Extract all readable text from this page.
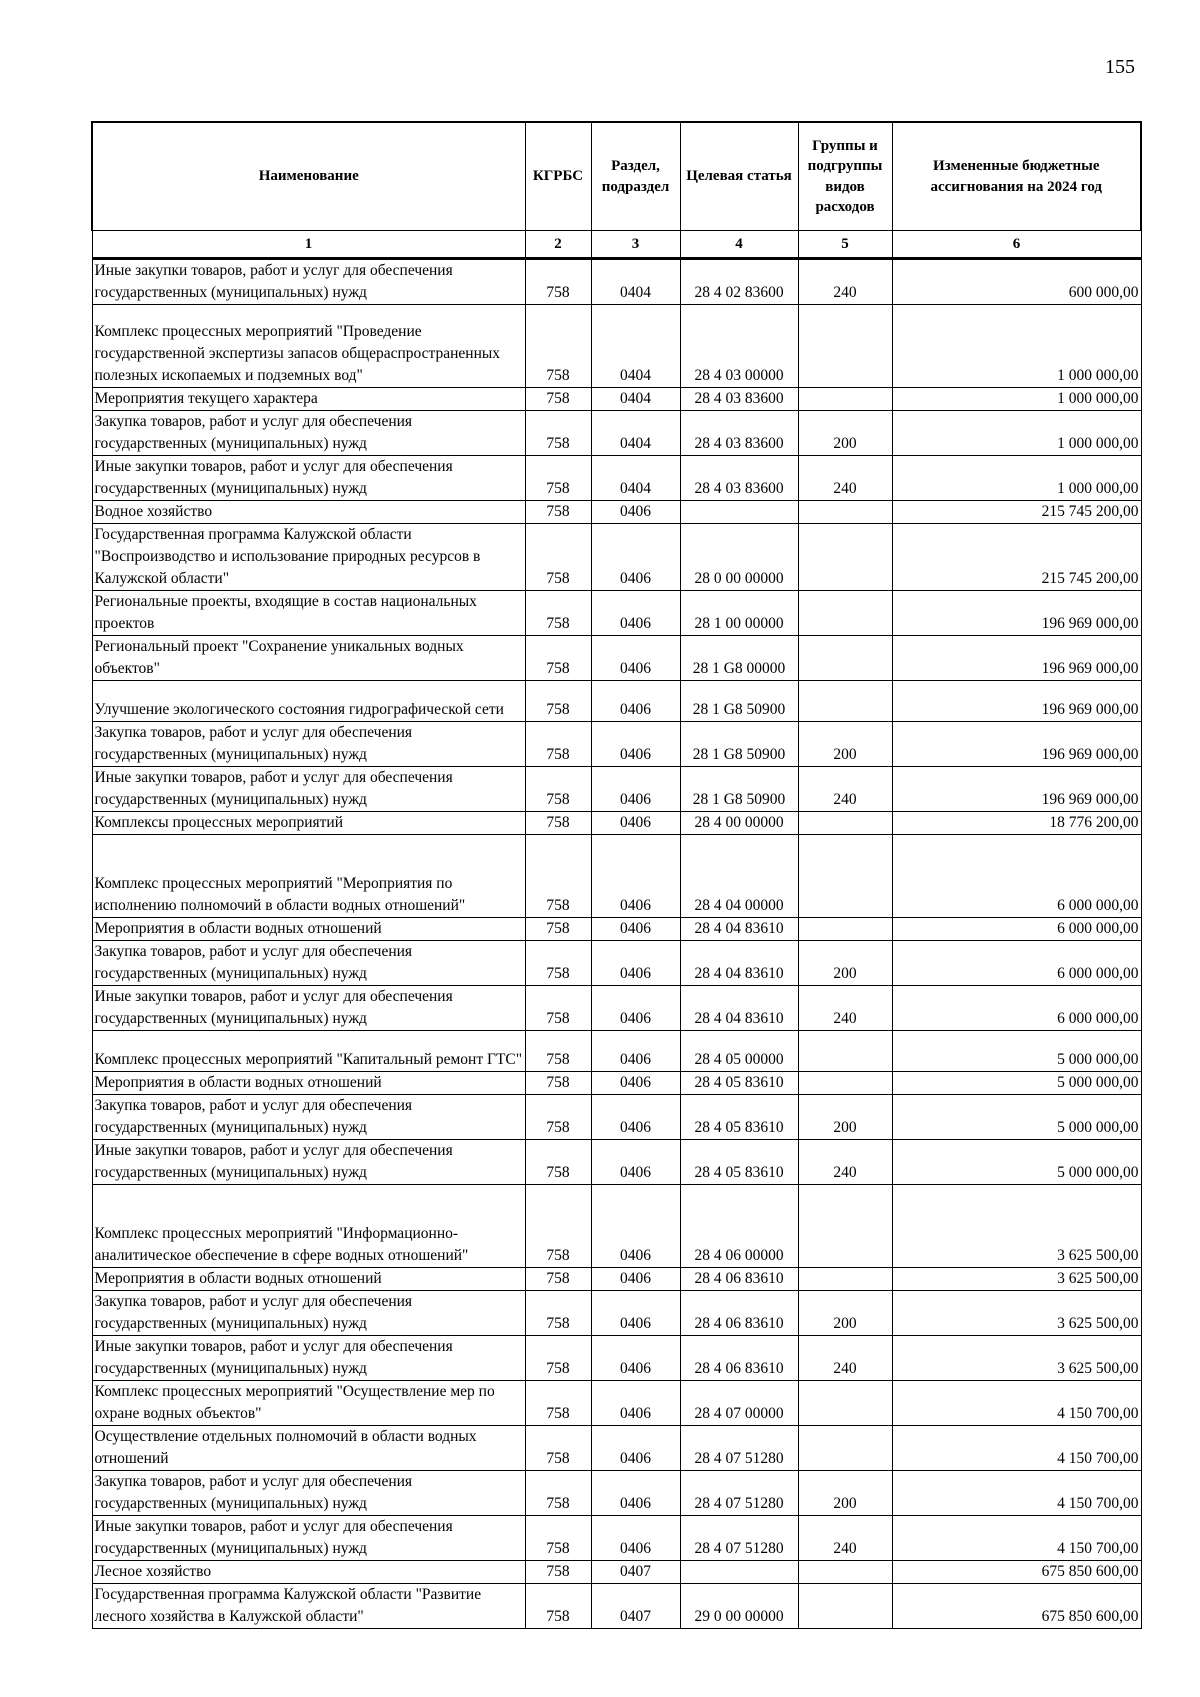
155
Наименование	КГРБС	Раздел, подраздел	Целевая статья	Группы и подгруппы видов расходов	Измененные бюджетные ассигнования на 2024 год
1	2	3	4	5	6
Иные закупки товаров, работ и услуг для обеспечения государственных (муниципальных) нужд	758	0404	28 4 02 83600	240	600 000,00
Комплекс процессных мероприятий "Проведение государственной экспертизы запасов общераспространенных полезных ископаемых и подземных вод"	758	0404	28 4 03 00000		1 000 000,00
Мероприятия текущего характера	758	0404	28 4 03 83600		1 000 000,00
Закупка товаров, работ и услуг для обеспечения государственных (муниципальных) нужд	758	0404	28 4 03 83600	200	1 000 000,00
Иные закупки товаров, работ и услуг для обеспечения государственных (муниципальных) нужд	758	0404	28 4 03 83600	240	1 000 000,00
Водное хозяйство	758	0406			215 745 200,00
Государственная программа Калужской области "Воспроизводство и использование природных ресурсов в Калужской области"	758	0406	28 0 00 00000		215 745 200,00
Региональные проекты, входящие в состав национальных проектов	758	0406	28 1 00 00000		196 969 000,00
Региональный проект "Сохранение уникальных водных объектов"	758	0406	28 1 G8 00000		196 969 000,00
Улучшение экологического состояния гидрографической сети	758	0406	28 1 G8 50900		196 969 000,00
Закупка товаров, работ и услуг для обеспечения государственных (муниципальных) нужд	758	0406	28 1 G8 50900	200	196 969 000,00
Иные закупки товаров, работ и услуг для обеспечения государственных (муниципальных) нужд	758	0406	28 1 G8 50900	240	196 969 000,00
Комплексы процессных мероприятий	758	0406	28 4 00 00000		18 776 200,00
Комплекс процессных мероприятий "Мероприятия по исполнению полномочий в области водных отношений"	758	0406	28 4 04 00000		6 000 000,00
Мероприятия в области водных отношений	758	0406	28 4 04 83610		6 000 000,00
Закупка товаров, работ и услуг для обеспечения государственных (муниципальных) нужд	758	0406	28 4 04 83610	200	6 000 000,00
Иные закупки товаров, работ и услуг для обеспечения государственных (муниципальных) нужд	758	0406	28 4 04 83610	240	6 000 000,00
Комплекс процессных мероприятий "Капитальный ремонт ГТС"	758	0406	28 4 05 00000		5 000 000,00
Мероприятия в области водных отношений	758	0406	28 4 05 83610		5 000 000,00
Закупка товаров, работ и услуг для обеспечения государственных (муниципальных) нужд	758	0406	28 4 05 83610	200	5 000 000,00
Иные закупки товаров, работ и услуг для обеспечения государственных (муниципальных) нужд	758	0406	28 4 05 83610	240	5 000 000,00
Комплекс процессных мероприятий "Информационно-аналитическое обеспечение в сфере водных отношений"	758	0406	28 4 06 00000		3 625 500,00
Мероприятия в области водных отношений	758	0406	28 4 06 83610		3 625 500,00
Закупка товаров, работ и услуг для обеспечения государственных (муниципальных) нужд	758	0406	28 4 06 83610	200	3 625 500,00
Иные закупки товаров, работ и услуг для обеспечения государственных (муниципальных) нужд	758	0406	28 4 06 83610	240	3 625 500,00
Комплекс процессных мероприятий "Осуществление мер по охране водных объектов"	758	0406	28 4 07 00000		4 150 700,00
Осуществление отдельных полномочий в области водных отношений	758	0406	28 4 07 51280		4 150 700,00
Закупка товаров, работ и услуг для обеспечения государственных (муниципальных) нужд	758	0406	28 4 07 51280	200	4 150 700,00
Иные закупки товаров, работ и услуг для обеспечения государственных (муниципальных) нужд	758	0406	28 4 07 51280	240	4 150 700,00
Лесное хозяйство	758	0407			675 850 600,00
Государственная программа Калужской области "Развитие лесного хозяйства в Калужской области"	758	0407	29 0 00 00000		675 850 600,00
